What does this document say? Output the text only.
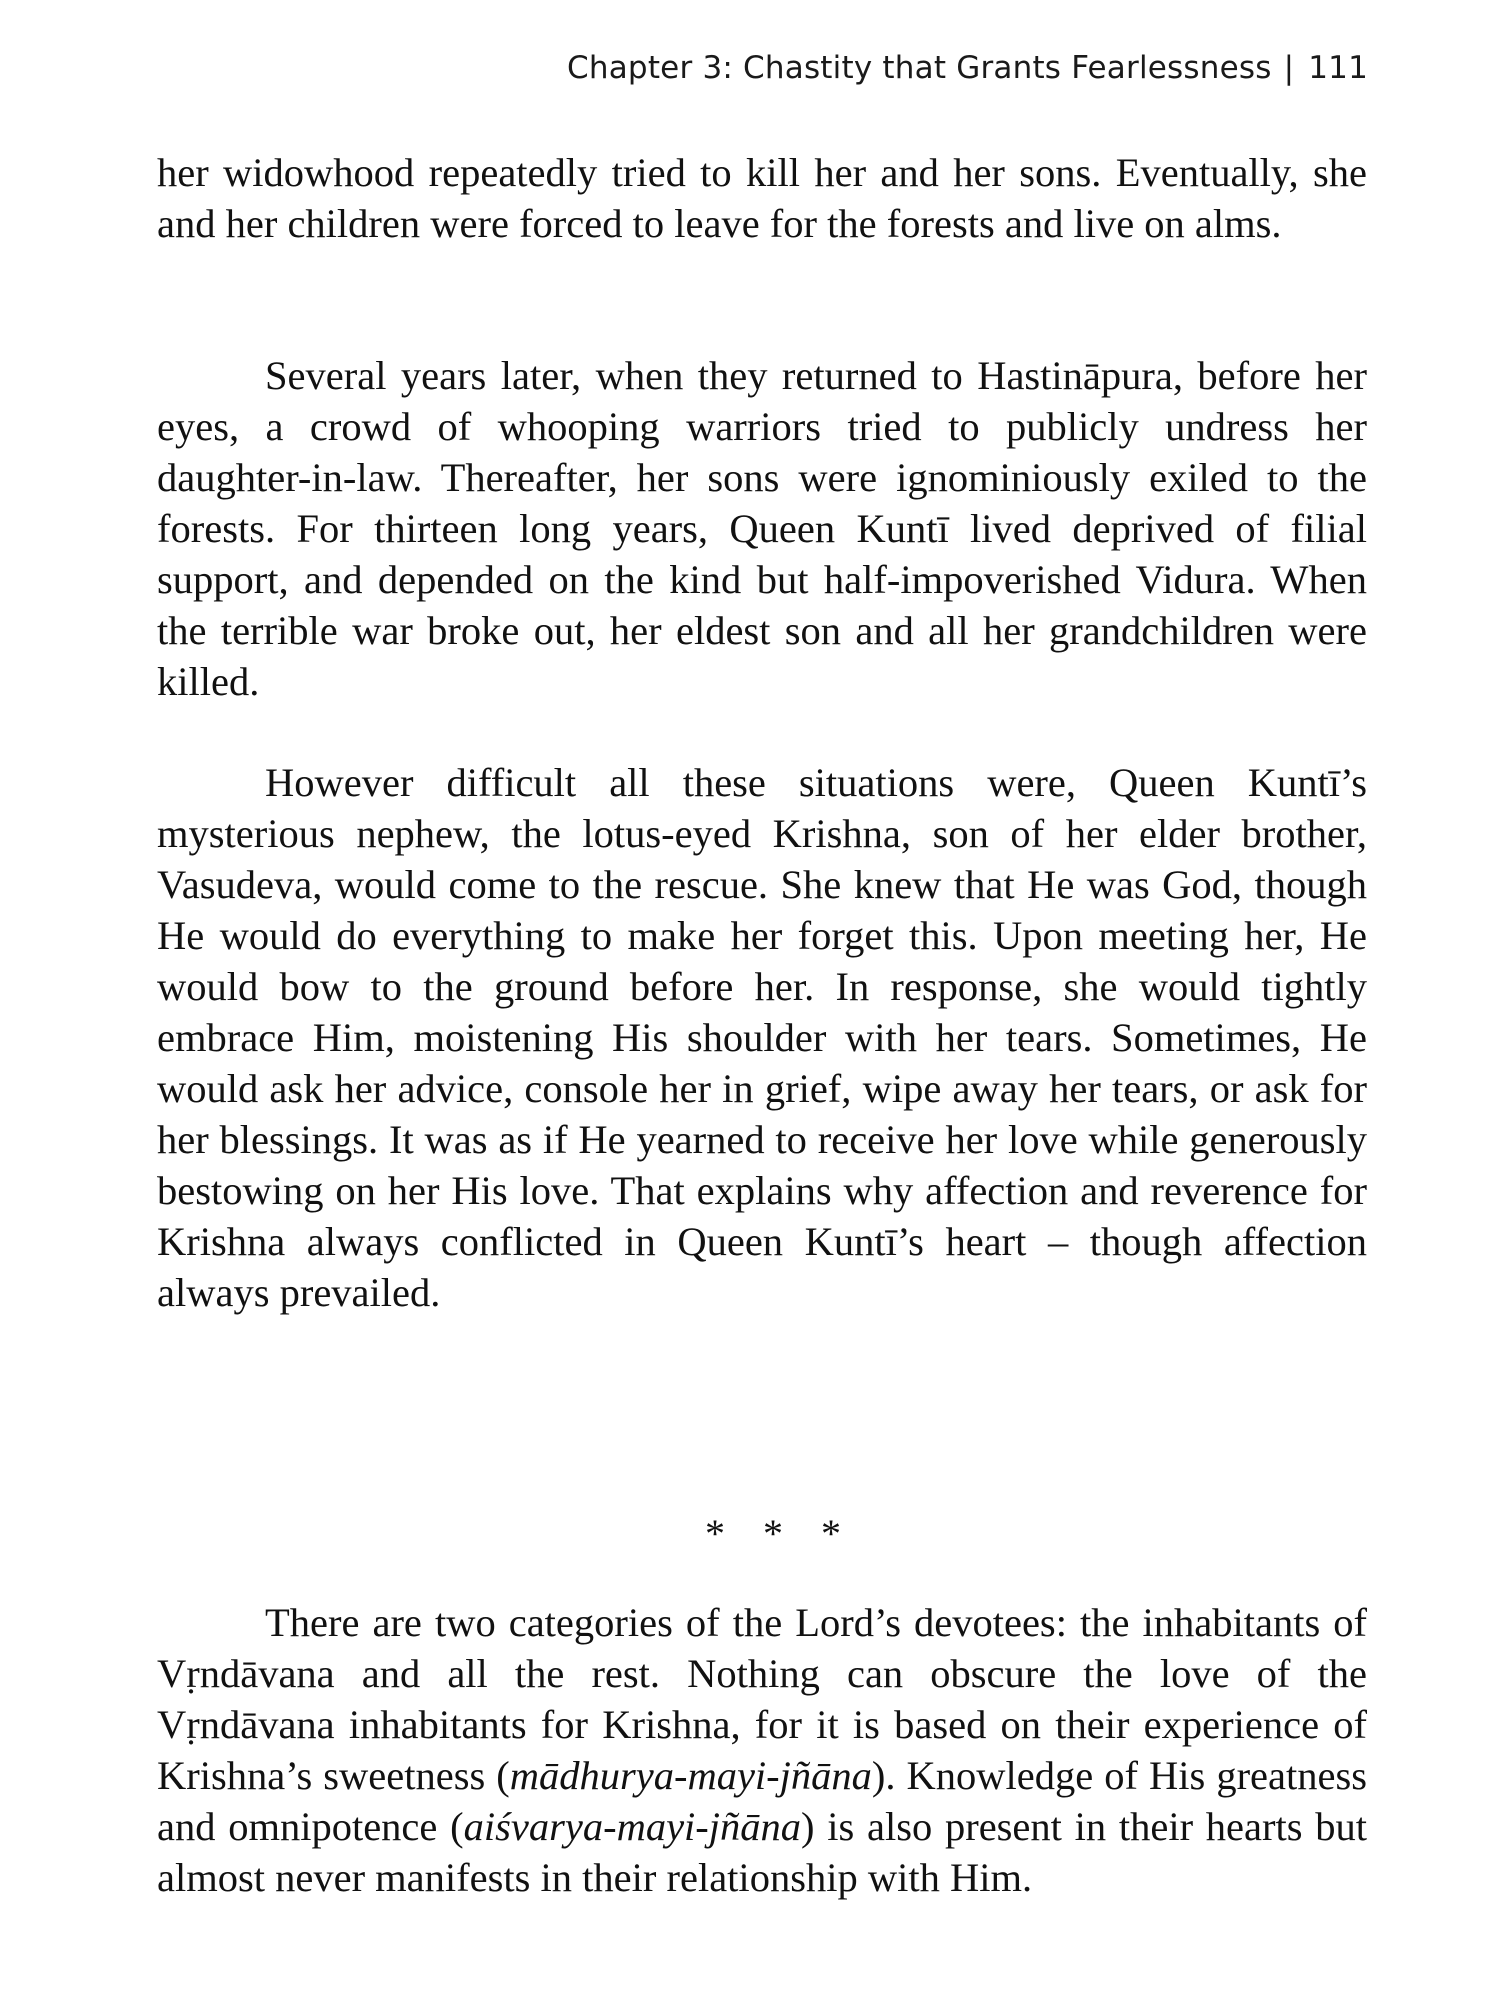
Chapter 3: Chastity that Grants Fearlessness | 111

her widowhood repeatedly tried to kill her and her sons. Eventually, she and her children were forced to leave for the forests and live on alms.

Several years later, when they returned to Hastināpura, before her eyes, a crowd of whooping warriors tried to publicly undress her daughter-in-law. Thereafter, her sons were ignominiously exiled to the forests. For thirteen long years, Queen Kuntī lived deprived of filial support, and depended on the kind but half-impoverished Vidura. When the terrible war broke out, her eldest son and all her grandchildren were killed.

However difficult all these situations were, Queen Kuntī’s mysterious nephew, the lotus-eyed Krishna, son of her elder brother, Vasudeva, would come to the rescue. She knew that He was God, though He would do everything to make her forget this. Upon meeting her, He would bow to the ground before her. In response, she would tightly embrace Him, moistening His shoulder with her tears. Sometimes, He would ask her advice, console her in grief, wipe away her tears, or ask for her blessings. It was as if He yearned to receive her love while generously bestowing on her His love. That explains why affection and reverence for Krishna always conflicted in Queen Kuntī’s heart – though affection always prevailed.

* * *

There are two categories of the Lord’s devotees: the inhabitants of Vṛndāvana and all the rest. Nothing can obscure the love of the Vṛndāvana inhabitants for Krishna, for it is based on their experience of Krishna’s sweetness (mādhurya-mayi-jñāna). Knowledge of His greatness and omnipotence (aiśvarya-mayi-jñāna) is also present in their hearts but almost never manifests in their relationship with Him.
